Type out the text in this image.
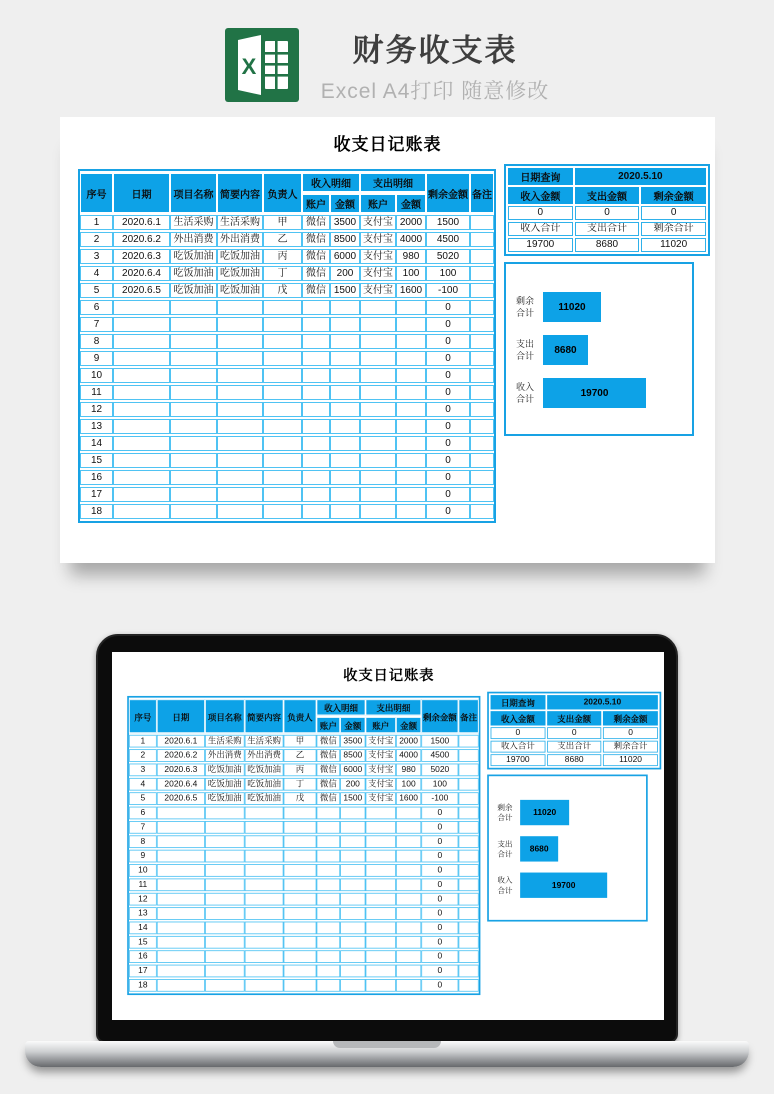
X	财务收支表
Excel A4打印 随意修改
收支日记账表
序号	日期	项目名称	简要内容	负责人	收入明细		支出明细		剩余金额	备注
					账户	金额	账户	金额		
1	2020.6.1	生活采购	生活采购	甲	微信	3500	支付宝	2000	1500	
2	2020.6.2	外出消费	外出消费	乙	微信	8500	支付宝	4000	4500	
3	2020.6.3	吃饭加油	吃饭加油	丙	微信	6000	支付宝	980	5020	
4	2020.6.4	吃饭加油	吃饭加油	丁	微信	200	支付宝	100	100	
5	2020.6.5	吃饭加油	吃饭加油	戊	微信	1500	支付宝	1600	-100	
6									0	
7									0	
8									0	
9									0	
10									0	
11									0	
12									0	
13									0	
14									0	
15									0	
16									0	
17									0	
18									0	
日期查询	2020.5.10	
收入金额	支出金额	剩余金额
0	0	0
收入合计	支出合计	剩余合计
19700	8680	11020
剩余合计
11020
支出合计
8680
收入合计
19700
收支日记账表
序号	日期	项目名称	简要内容	负责人	收入明细		支出明细		剩余金额	备注
					账户	金额	账户	金额		
1	2020.6.1	生活采购	生活采购	甲	微信	3500	支付宝	2000	1500	
2	2020.6.2	外出消费	外出消费	乙	微信	8500	支付宝	4000	4500	
3	2020.6.3	吃饭加油	吃饭加油	丙	微信	6000	支付宝	980	5020	
4	2020.6.4	吃饭加油	吃饭加油	丁	微信	200	支付宝	100	100	
5	2020.6.5	吃饭加油	吃饭加油	戊	微信	1500	支付宝	1600	-100	
6									0	
7									0	
8									0	
9									0	
10									0	
11									0	
12									0	
13									0	
14									0	
15									0	
16									0	
17									0	
18									0	
日期查询	2020.5.10	
收入金额	支出金额	剩余金额
0	0	0
收入合计	支出合计	剩余合计
19700	8680	11020
剩余合计
11020
支出合计
8680
收入合计
19700
